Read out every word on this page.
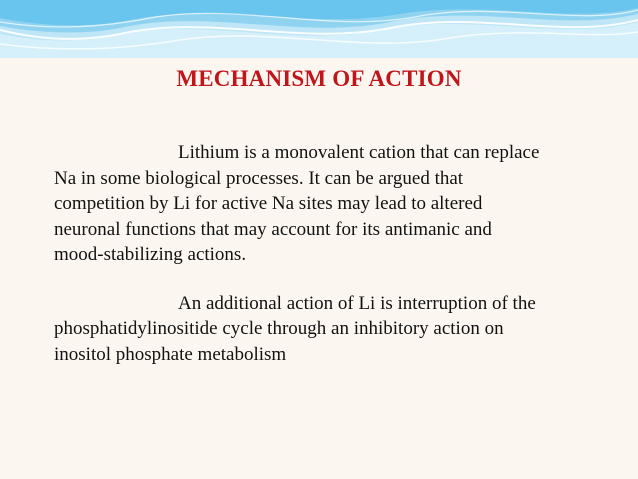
MECHANISM OF ACTION

Lithium is a monovalent cation that can replace
Na in some biological processes. It can be argued that
competition by Li for active Na sites may lead to altered
neuronal functions that may account for its antimanic and
mood-stabilizing actions.

An additional action of Li is interruption of the
phosphatidylinositide cycle through an inhibitory action on
inositol phosphate metabolism
